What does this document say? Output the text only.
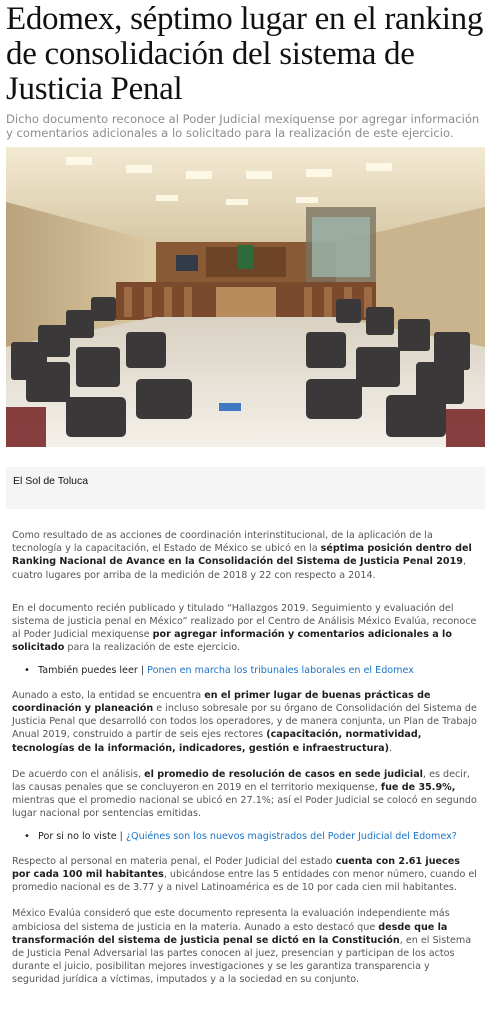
Edomex, séptimo lugar en el ranking de consolidación del sistema de Justicia Penal
Dicho documento reconoce al Poder Judicial mexiquense por agregar información y comentarios adicionales a lo solicitado para la realización de este ejercicio.

El Sol de Toluca

Como resultado de as acciones de coordinación interinstitucional, de la aplicación de la tecnología y la capacitación, el Estado de México se ubicó en la séptima posición dentro del Ranking Nacional de Avance en la Consolidación del Sistema de Justicia Penal 2019, cuatro lugares por arriba de la medición de 2018 y 22 con respecto a 2014.

En el documento recién publicado y titulado “Hallazgos 2019. Seguimiento y evaluación del sistema de justicia penal en México” realizado por el Centro de Análisis México Evalúa, reconoce al Poder Judicial mexiquense por agregar información y comentarios adicionales a lo solicitado para la realización de este ejercicio.

• También puedes leer | Ponen en marcha los tribunales laborales en el Edomex

Aunado a esto, la entidad se encuentra en el primer lugar de buenas prácticas de coordinación y planeación e incluso sobresale por su órgano de Consolidación del Sistema de Justicia Penal que desarrolló con todos los operadores, y de manera conjunta, un Plan de Trabajo Anual 2019, construido a partir de seis ejes rectores (capacitación, normatividad, tecnologías de la información, indicadores, gestión e infraestructura).

De acuerdo con el análisis, el promedio de resolución de casos en sede judicial, es decir, las causas penales que se concluyeron en 2019 en el territorio mexiquense, fue de 35.9%, mientras que el promedio nacional se ubicó en 27.1%; así el Poder Judicial se colocó en segundo lugar nacional por sentencias emitidas.

• Por si no lo viste | ¿Quiénes son los nuevos magistrados del Poder Judicial del Edomex?

Respecto al personal en materia penal, el Poder Judicial del estado cuenta con 2.61 jueces por cada 100 mil habitantes, ubicándose entre las 5 entidades con menor número, cuando el promedio nacional es de 3.77 y a nivel Latinoamérica es de 10 por cada cien mil habitantes.

México Evalúa consideró que este documento representa la evaluación independiente más ambiciosa del sistema de justicia en la materia. Aunado a esto destacó que desde que la transformación del sistema de justicia penal se dictó en la Constitución, en el Sistema de Justicia Penal Adversarial las partes conocen al juez, presencian y participan de los actos durante el juicio, posibilitan mejores investigaciones y se les garantiza transparencia y seguridad jurídica a víctimas, imputados y a la sociedad en su conjunto.
